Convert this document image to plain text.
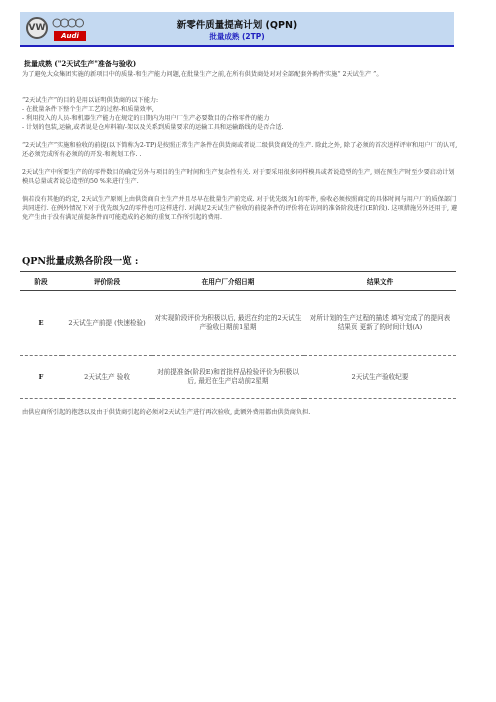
VW
Audi
新零件质量提高计划 (QPN)
批量成熟 (2TP)
批量成熟 ("2天试生产"准备与验收)
为了避免大众集团实施的新项目中的质量-和生产能力问题,在批量生产之前,在所有供货商处对对全部配套外购件实施“ 2天试生产 ”。
“2天试生产”的目的是用以证明供货商的以下能力:
- 在批量条件下整个生产工艺的过程-和质量效率,
- 利用投入的人员-和机器生产能力在规定的日期内为用户厂生产必要数目的合格零件的能力
- 计划的包装,运输,或者说是仓库料箱/-架以及关系到质量要求的运输工具和运输路线的是否合适.
“2天试生产”实施和验收的前提(以下简称为2-TP)是按照正常生产条件在供货商或者说二级供货商处的生产. 除此之外, 除了必须的首次送样评审和用户厂的认可, 还必须完成所有必须的的开发-和规划工作. .
2天试生产中所要生产的的零件数目的确定另外与项目的生产时间和生产复杂性有关. 对于要采用很多同样模具或者说造型的生产, 则在预生产时至少要启动计划模具总量或者说总造型的50 %来进行生产.
倘若没有其他的约定, 2天试生产原则上由供货商自主生产并且尽早在批量生产前完成. 对于优先级为1的零件, 验收必须按照商定的具体时间与用户厂的质保部门共同进行. 在例外情况下对于优先级为2的零件也可这样进行. 对满足2天试生产验收的前提条件的评价将在访问的准备阶段进行(E阶段). 这项措施另外还用于, 避免产生由于没有满足前提条件而可能造成的必须的重复工作所引起的费用.
QPN批量成熟各阶段一览 :
阶段	评价阶段	在用户厂介绍日期	结果文件
E	2天试生产前提 (快速检验)	对实现阶段评价为积极以后, 最迟在约定的2天试生产验收日期前1星期	对所计划的生产过程的描述 填写完成了的提问表 结果页 更新了的时间计划(A)
F	2天试生产 验收	对前提准备(阶段E)和首批样品检验评价为积极以后, 最迟在生产启动前2星期	2天试生产验收纪要
由供应商所引起的抱怨以及由于供货商引起的必须对2天试生产进行再次验收, 此额外费用都由供货商负担.
